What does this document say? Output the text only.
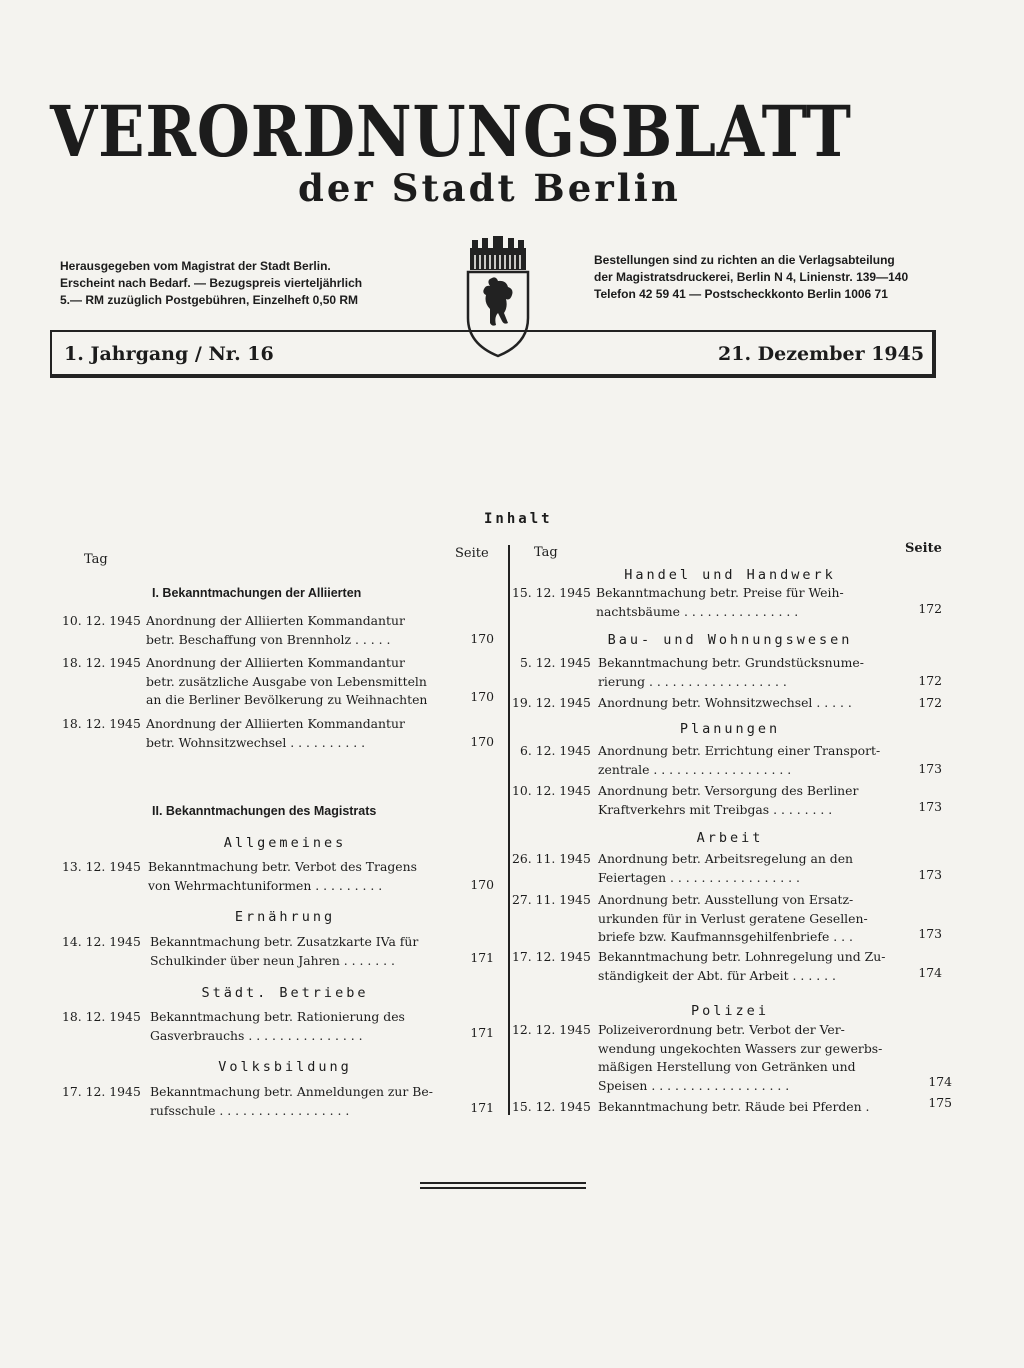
VERORDNUNGSBLATT
der Stadt Berlin
Herausgegeben vom Magistrat der Stadt Berlin.
Erscheint nach Bedarf. — Bezugspreis vierteljährlich
5.— RM zuzüglich Postgebühren, Einzelheft 0,50 RM
Bestellungen sind zu richten an die Verlagsabteilung
der Magistratsdruckerei, Berlin N 4, Linienstr. 139—140
Telefon 42 59 41 — Postscheckkonto Berlin 1006 71
1. Jahrgang / Nr. 16	21. Dezember 1945
Inhalt
Tag	Seite	Tag	Seite
I. Bekanntmachungen der Alliierten
10. 12. 1945 Anordnung der Alliierten Kommandantur
betr. Beschaffung von Brennholz . . . . .	170
18. 12. 1945 Anordnung der Alliierten Kommandantur
betr. zusätzliche Ausgabe von Lebensmitteln
an die Berliner Bevölkerung zu Weihnachten	170
18. 12. 1945 Anordnung der Alliierten Kommandantur
betr. Wohnsitzwechsel . . . . . . . . . .	170
II. Bekanntmachungen des Magistrats
Allgemeines
13. 12. 1945 Bekanntmachung betr. Verbot des Tragens
von Wehrmachtuniformen . . . . . . . . .	170
Ernährung
14. 12. 1945 Bekanntmachung betr. Zusatzkarte IVa für
Schulkinder über neun Jahren . . . . . . .	171
Städt. Betriebe
18. 12. 1945 Bekanntmachung betr. Rationierung des
Gasverbrauchs . . . . . . . . . . . . . . .	171
Volksbildung
17. 12. 1945 Bekanntmachung betr. Anmeldungen zur Be-
rufsschule . . . . . . . . . . . . . . . . .	171
Handel und Handwerk
15. 12. 1945 Bekanntmachung betr. Preise für Weih-
nachtsbäume . . . . . . . . . . . . . . .	172
Bau- und Wohnungswesen
5. 12. 1945 Bekanntmachung betr. Grundstücksnume-
rierung . . . . . . . . . . . . . . . . . .	172
19. 12. 1945 Anordnung betr. Wohnsitzwechsel . . . . .	172
Planungen
6. 12. 1945 Anordnung betr. Errichtung einer Transport-
zentrale . . . . . . . . . . . . . . . . . .	173
10. 12. 1945 Anordnung betr. Versorgung des Berliner
Kraftverkehrs mit Treibgas . . . . . . . .	173
Arbeit
26. 11. 1945 Anordnung betr. Arbeitsregelung an den
Feiertagen . . . . . . . . . . . . . . . . .	173
27. 11. 1945 Anordnung betr. Ausstellung von Ersatz-
urkunden für in Verlust geratene Gesellen-
briefe bzw. Kaufmannsgehilfenbriefe . . .	173
17. 12. 1945 Bekanntmachung betr. Lohnregelung und Zu-
ständigkeit der Abt. für Arbeit . . . . . .	174
Polizei
12. 12. 1945 Polizeiverordnung betr. Verbot der Ver-
wendung ungekochten Wassers zur gewerbs-
mäßigen Herstellung von Getränken und
Speisen . . . . . . . . . . . . . . . . . .	174
15. 12. 1945 Bekanntmachung betr. Räude bei Pferden .	175
